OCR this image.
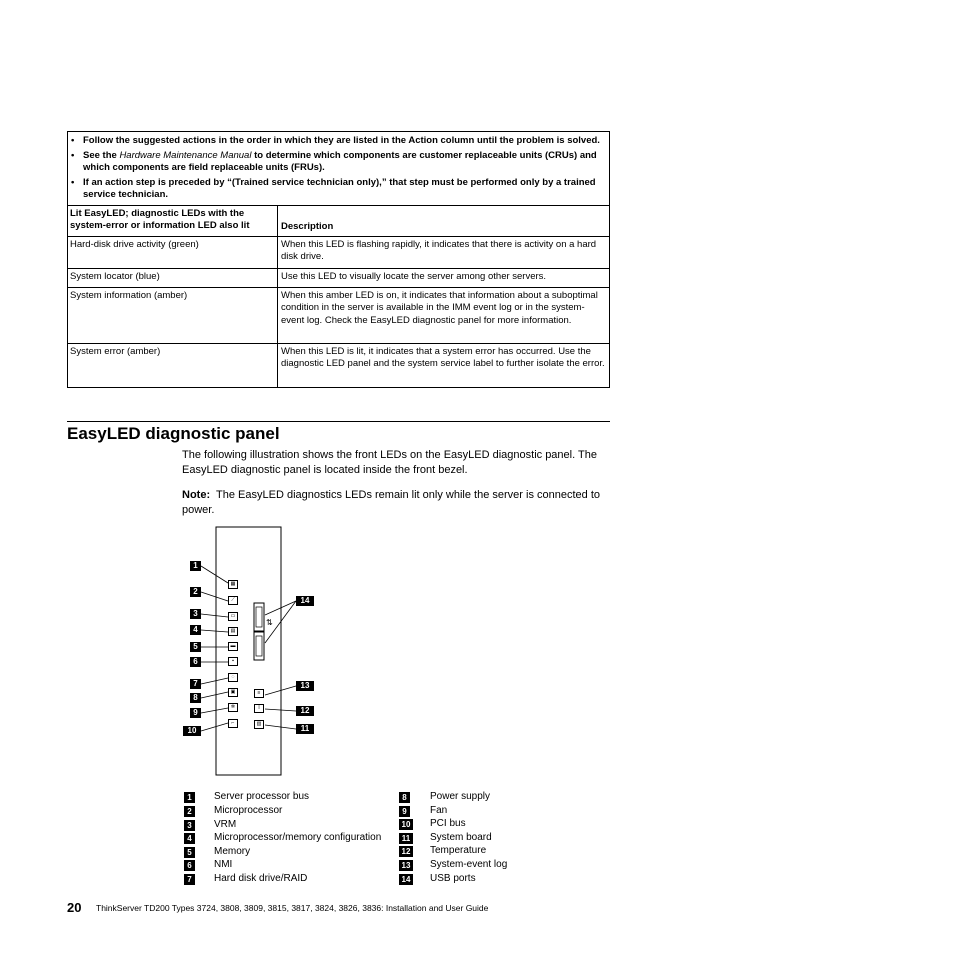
• Follow the suggested actions in the order in which they are listed in the Action column until the problem is solved.
• See the Hardware Maintenance Manual to determine which components are customer replaceable units (CRUs) and which components are field replaceable units (FRUs).
• If an action step is preceded by “(Trained service technician only),” that step must be performed only by a trained service technician.
Lit EasyLED; diagnostic LEDs with the system-error or information LED also lit	Description
Hard-disk drive activity (green)	When this LED is flashing rapidly, it indicates that there is activity on a hard disk drive.
System locator (blue)	Use this LED to visually locate the server among other servers.
System information (amber)	When this amber LED is on, it indicates that information about a suboptimal condition in the server is available in the IMM event log or in the system-event log. Check the EasyLED diagnostic panel for more information.
System error (amber)	When this LED is lit, it indicates that a system error has occurred. Use the diagnostic LED panel and the system service label to further isolate the error.
EasyLED diagnostic panel
The following illustration shows the front LEDs on the EasyLED diagnostic panel. The EasyLED diagnostic panel is located inside the front bezel.
Note: The EasyLED diagnostics LEDs remain lit only while the server is connected to power.
⇅
▦
⟋
▭
▤
▬
▪
◌
▣
✲
⌐
≡
ǀ
▥
1
2
3
4
5
6
7
8
9
10	11
12
13
14
1	Server processor bus
2	Microprocessor
3	VRM
4	Microprocessor/memory configuration
5	Memory
6	NMI
7	Hard disk drive/RAID
8	Power supply
9	Fan
10 PCI bus
11 System board
12 Temperature
13 System-event log
14 USB ports
20 ThinkServer TD200 Types 3724, 3808, 3809, 3815, 3817, 3824, 3826, 3836: Installation and User Guide
